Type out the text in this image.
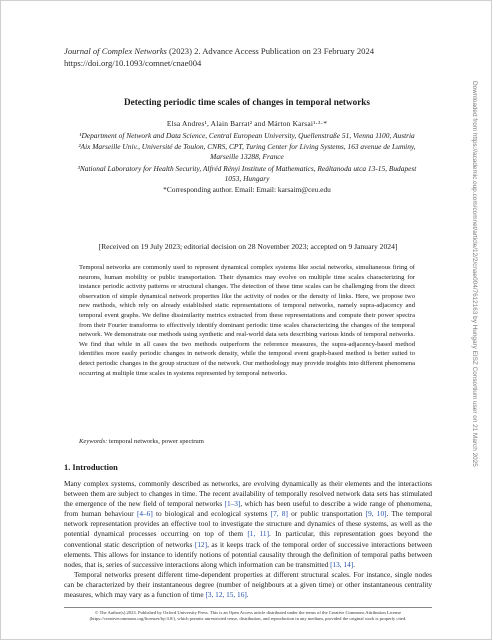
Journal of Complex Networks (2023) 2. Advance Access Publication on 23 February 2024
https://doi.org/10.1093/comnet/cnae004
Downloaded from https://academic.oup.com/comnet/article/12/2/cnae004/7612163 by Hungary EISZ Consortium user on 21 March 2025
Detecting periodic time scales of changes in temporal networks
Elsa Andres¹, Alain Barrat² and Márton Karsai¹·³·*
¹Department of Network and Data Science, Central European University, Quellenstraße 51, Vienna 1100, Austria
²Aix Marseille Univ., Université de Toulon, CNRS, CPT, Turing Center for Living Systems, 163 avenue de Luminy, Marseille 13288, France
³National Laboratory for Health Security, Alfréd Rényi Institute of Mathematics, Reáltanoda utca 13-15, Budapest 1053, Hungary
*Corresponding author. Email: Email: karsaim@ceu.edu
[Received on 19 July 2023; editorial decision on 28 November 2023; accepted on 9 January 2024]
Temporal networks are commonly used to represent dynamical complex systems like social networks, simultaneous firing of neurons, human mobility or public transportation. Their dynamics may evolve on multiple time scales characterizing for instance periodic activity patterns or structural changes. The detection of these time scales can be challenging from the direct observation of simple dynamical network properties like the activity of nodes or the density of links. Here, we propose two new methods, which rely on already established static representations of temporal networks, namely supra-adjacency and temporal event graphs. We define dissimilarity metrics extracted from these representations and compute their power spectra from their Fourier transforms to effectively identify dominant periodic time scales characterizing the changes of the temporal network. We demonstrate our methods using synthetic and real-world data sets describing various kinds of temporal networks. We find that while in all cases the two methods outperform the reference measures, the supra-adjacency-based method identifies more easily periodic changes in network density, while the temporal event graph-based method is better suited to detect periodic changes in the group structure of the network. Our methodology may provide insights into different phenomena occurring at multiple time scales in systems represented by temporal networks.
Keywords: temporal networks, power spectrum
1. Introduction

Many complex systems, commonly described as networks, are evolving dynamically as their elements and the interactions between them are subject to changes in time. The recent availability of temporally resolved network data sets has stimulated the emergence of the new field of temporal networks [1–3], which has been useful to describe a wide range of phenomena, from human behaviour [4–6] to biological and ecological systems [7, 8] or public transportation [9, 10]. The temporal network representation provides an effective tool to investigate the structure and dynamics of these systems, as well as the potential dynamical processes occurring on top of them [1, 11]. In particular, this representation goes beyond the conventional static description of networks [12], as it keeps track of the temporal order of successive interactions between elements. This allows for instance to identify notions of potential causality through the definition of temporal paths between nodes, that is, series of successive interactions along which information can be transmitted [13, 14].

Temporal networks present different time-dependent properties at different structural scales. For instance, single nodes can be characterized by their instantaneous degree (number of neighbours at a given time) or other instantaneous centrality measures, which may vary as a function of time [3, 12, 15, 16].

© The Author(s) 2023. Published by Oxford University Press. This is an Open Access article distributed under the terms of the Creative Commons Attribution License (https://creativecommons.org/licenses/by/4.0/), which permits unrestricted reuse, distribution, and reproduction in any medium, provided the original work is properly cited.
